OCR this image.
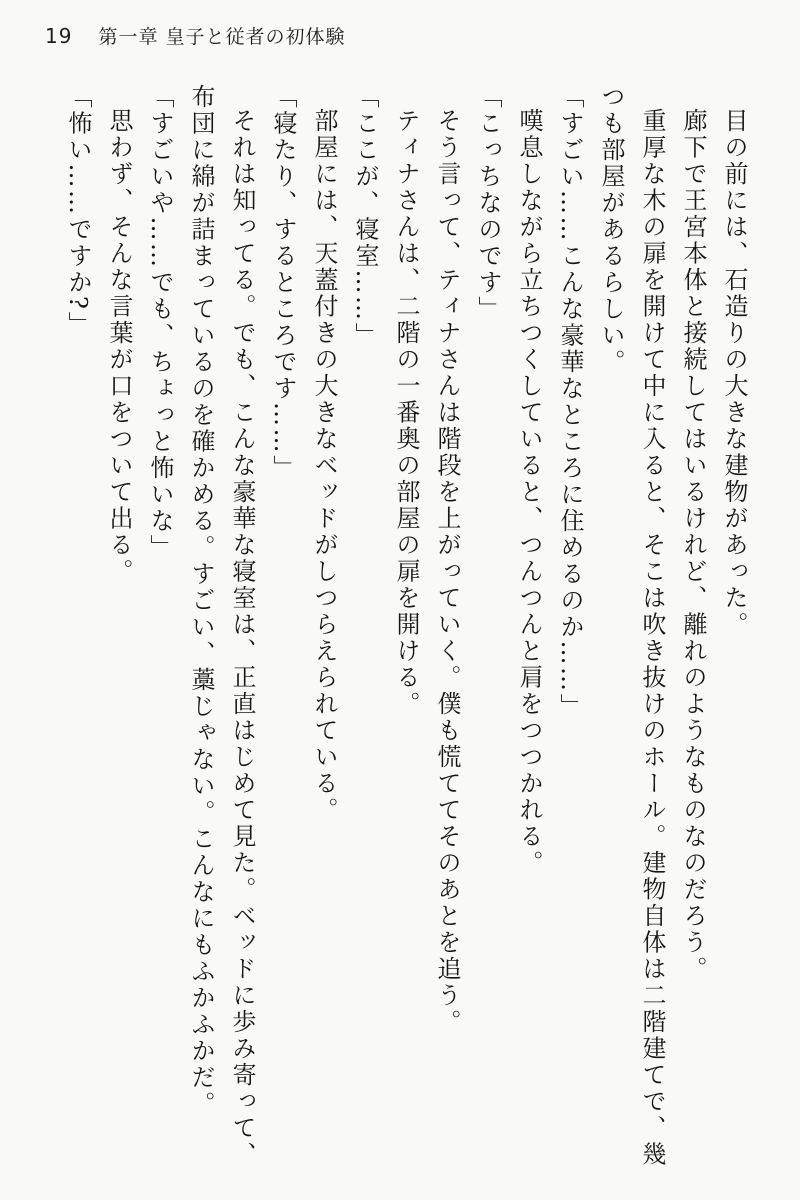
19 第一章 皇子と従者の初体験

目の前には、石造りの大きな建物があった。

廊下で王宮本体と接続してはいるけれど、離れのようなものなのだろう。

重厚な木の扉を開けて中に入ると、そこは吹き抜けのホール。建物自体は二階建てで、幾つも部屋があるらしい。

「すごい……こんな豪華なところに住めるのか……」

嘆息しながら立ちつくしていると、つんつんと肩をつつかれる。

「こっちなのです」

そう言って、ティナさんは階段を上がっていく。僕も慌ててそのあとを追う。

ティナさんは、二階の一番奥の部屋の扉を開ける。

「ここが、寝室……」

部屋には、天蓋付きの大きなベッドがしつらえられている。

「寝たり、するところです……」

それは知ってる。でも、こんな豪華な寝室は、正直はじめて見た。ベッドに歩み寄って、布団に綿が詰まっているのを確かめる。すごい、藁じゃない。こんなにもふかふかだ。

「すごいや……でも、ちょっと怖いな」

思わず、そんな言葉が口をついて出る。

「怖い……ですか?」
